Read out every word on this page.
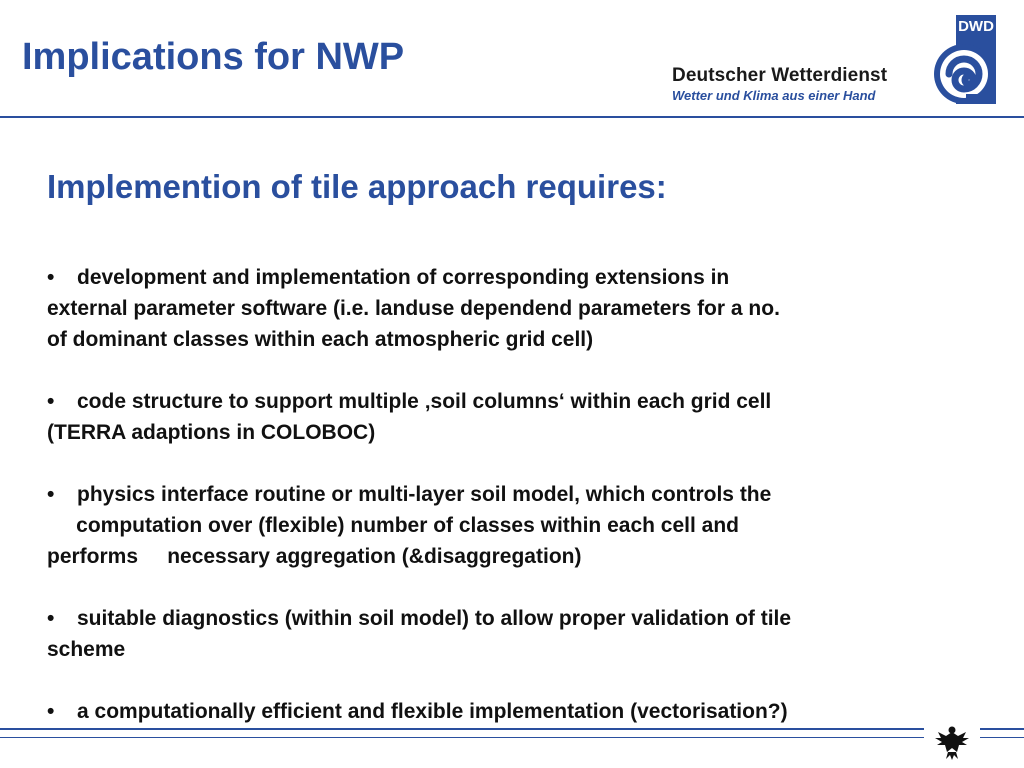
Implications for NWP	Deutscher Wetterdienst
Wetter und Klima aus einer Hand
DWD
Implemention of tile approach requires:
• development and implementation of corresponding extensions in
external parameter software (i.e. landuse dependend parameters for a no.
of dominant classes within each atmospheric grid cell)
• code structure to support multiple ‚soil columns‘ within each grid cell
(TERRA adaptions in COLOBOC)
• physics interface routine or multi-layer soil model, which controls the
computation over (flexible) number of classes within each cell and
performs     necessary aggregation (&disaggregation)
• suitable diagnostics (within soil model) to allow proper validation of tile
scheme
• a computationally efficient and flexible implementation (vectorisation?)
